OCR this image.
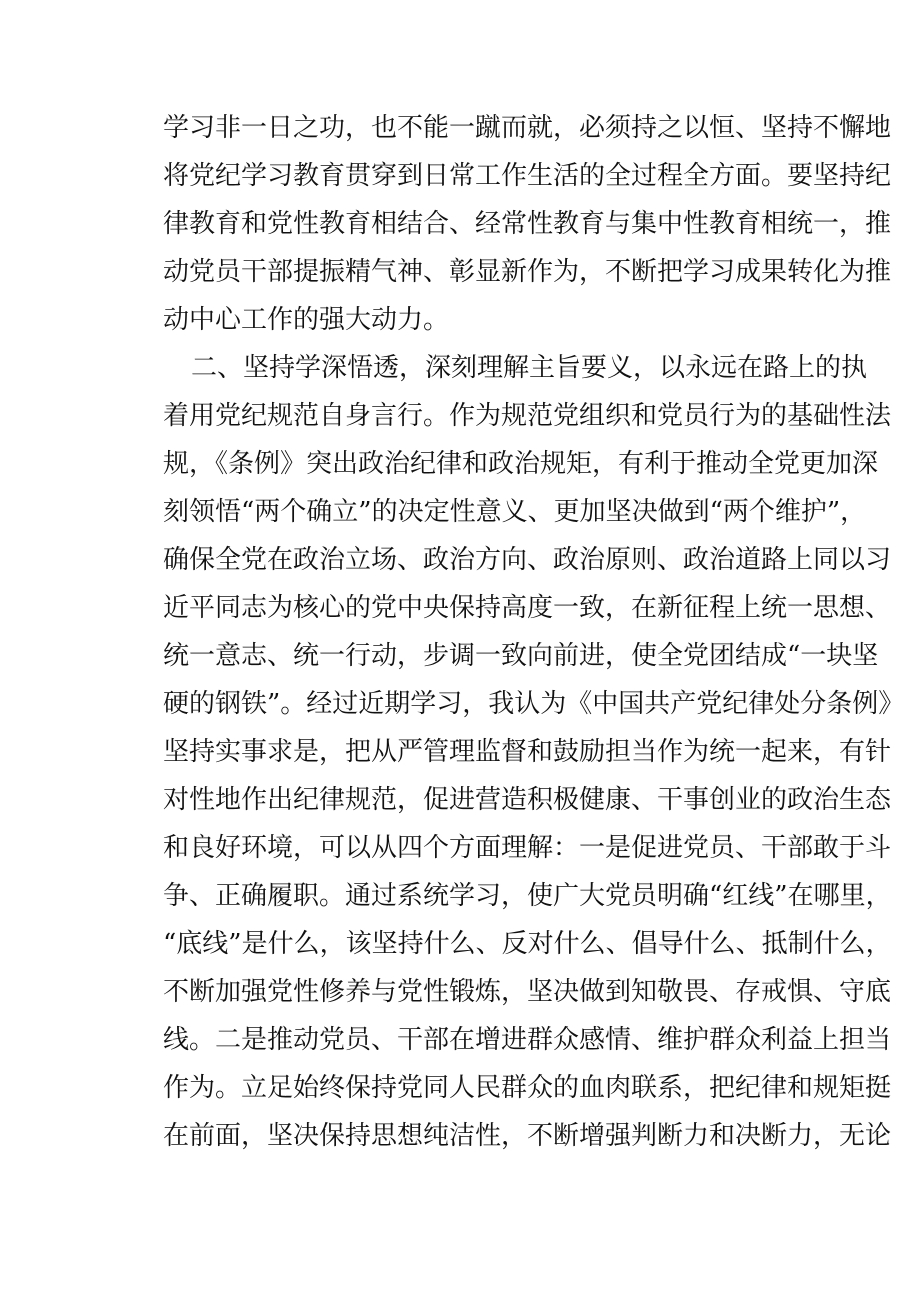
学习非一日之功，也不能一蹴而就，必须持之以恒、坚持不懈地
将党纪学习教育贯穿到日常工作生活的全过程全方面。要坚持纪
律教育和党性教育相结合、经常性教育与集中性教育相统一，推
动党员干部提振精气神、彰显新作为，不断把学习成果转化为推
动中心工作的强大动力。
二、坚持学深悟透，深刻理解主旨要义，以永远在路上的执
着用党纪规范自身言行。作为规范党组织和党员行为的基础性法
规，《条例》突出政治纪律和政治规矩，有利于推动全党更加深
刻领悟“两个确立”的决定性意义、更加坚决做到“两个维护”，
确保全党在政治立场、政治方向、政治原则、政治道路上同以习
近平同志为核心的党中央保持高度一致，在新征程上统一思想、
统一意志、统一行动，步调一致向前进，使全党团结成“一块坚
硬的钢铁”。经过近期学习，我认为《中国共产党纪律处分条例》
坚持实事求是，把从严管理监督和鼓励担当作为统一起来，有针
对性地作出纪律规范，促进营造积极健康、干事创业的政治生态
和良好环境，可以从四个方面理解：一是促进党员、干部敢于斗
争、正确履职。通过系统学习，使广大党员明确“红线”在哪里，
“底线”是什么，该坚持什么、反对什么、倡导什么、抵制什么，
不断加强党性修养与党性锻炼，坚决做到知敬畏、存戒惧、守底
线。二是推动党员、干部在增进群众感情、维护群众利益上担当
作为。立足始终保持党同人民群众的血肉联系，把纪律和规矩挺
在前面，坚决保持思想纯洁性，不断增强判断力和决断力，无论
